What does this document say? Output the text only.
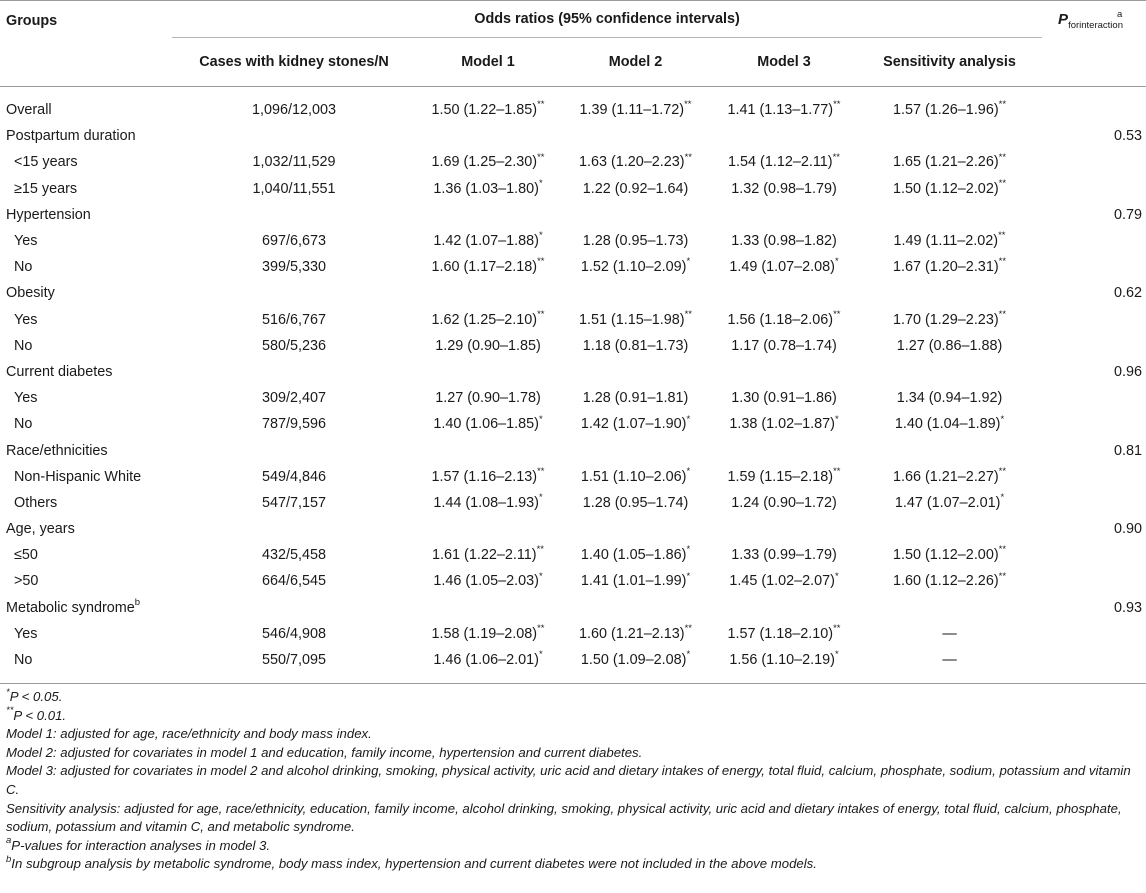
Groups	Odds ratios (95% confidence intervals)					$P_{forinteraction}^a$
	Cases with kidney stones/N	Model 1	Model 2	Model 3	Sensitivity analysis	
Overall	1,096/12,003	1.50 (1.22–1.85)**	1.39 (1.11–1.72)**	1.41 (1.13–1.77)**	1.57 (1.26–1.96)**	
Postpartum duration						0.53
<15 years	1,032/11,529	1.69 (1.25–2.30)**	1.63 (1.20–2.23)**	1.54 (1.12–2.11)**	1.65 (1.21–2.26)**	
≥15 years	1,040/11,551	1.36 (1.03–1.80)*	1.22 (0.92–1.64)	1.32 (0.98–1.79)	1.50 (1.12–2.02)**	
Hypertension						0.79
Yes	697/6,673	1.42 (1.07–1.88)*	1.28 (0.95–1.73)	1.33 (0.98–1.82)	1.49 (1.11–2.02)**	
No	399/5,330	1.60 (1.17–2.18)**	1.52 (1.10–2.09)*	1.49 (1.07–2.08)*	1.67 (1.20–2.31)**	
Obesity						0.62
Yes	516/6,767	1.62 (1.25–2.10)**	1.51 (1.15–1.98)**	1.56 (1.18–2.06)**	1.70 (1.29–2.23)**	
No	580/5,236	1.29 (0.90–1.85)	1.18 (0.81–1.73)	1.17 (0.78–1.74)	1.27 (0.86–1.88)	
Current diabetes						0.96
Yes	309/2,407	1.27 (0.90–1.78)	1.28 (0.91–1.81)	1.30 (0.91–1.86)	1.34 (0.94–1.92)	
No	787/9,596	1.40 (1.06–1.85)*	1.42 (1.07–1.90)*	1.38 (1.02–1.87)*	1.40 (1.04–1.89)*	
Race/ethnicities						0.81
Non-Hispanic White	549/4,846	1.57 (1.16–2.13)**	1.51 (1.10–2.06)*	1.59 (1.15–2.18)**	1.66 (1.21–2.27)**	
Others	547/7,157	1.44 (1.08–1.93)*	1.28 (0.95–1.74)	1.24 (0.90–1.72)	1.47 (1.07–2.01)*	
Age, years						0.90
≤50	432/5,458	1.61 (1.22–2.11)**	1.40 (1.05–1.86)*	1.33 (0.99–1.79)	1.50 (1.12–2.00)**	
>50	664/6,545	1.46 (1.05–2.03)*	1.41 (1.01–1.99)*	1.45 (1.02–2.07)*	1.60 (1.12–2.26)**	
Metabolic syndrome$^b$						0.93
Yes	546/4,908	1.58 (1.19–2.08)**	1.60 (1.21–2.13)**	1.57 (1.18–2.10)**	—	
No	550/7,095	1.46 (1.06–2.01)*	1.50 (1.09–2.08)*	1.56 (1.10–2.19)*	—	

*P < 0.05.

**P < 0.01.

Model 1: adjusted for age, race/ethnicity and body mass index.

Model 2: adjusted for covariates in model 1 and education, family income, hypertension and current diabetes.

Model 3: adjusted for covariates in model 2 and alcohol drinking, smoking, physical activity, uric acid and dietary intakes of energy, total fluid, calcium, phosphate, sodium, potassium and vitamin C.

Sensitivity analysis: adjusted for age, race/ethnicity, education, family income, alcohol drinking, smoking, physical activity, uric acid and dietary intakes of energy, total fluid, calcium, phosphate, sodium, potassium and vitamin C, and metabolic syndrome.

$^a$P-values for interaction analyses in model 3.

$^b$In subgroup analysis by metabolic syndrome, body mass index, hypertension and current diabetes were not included in the above models.
